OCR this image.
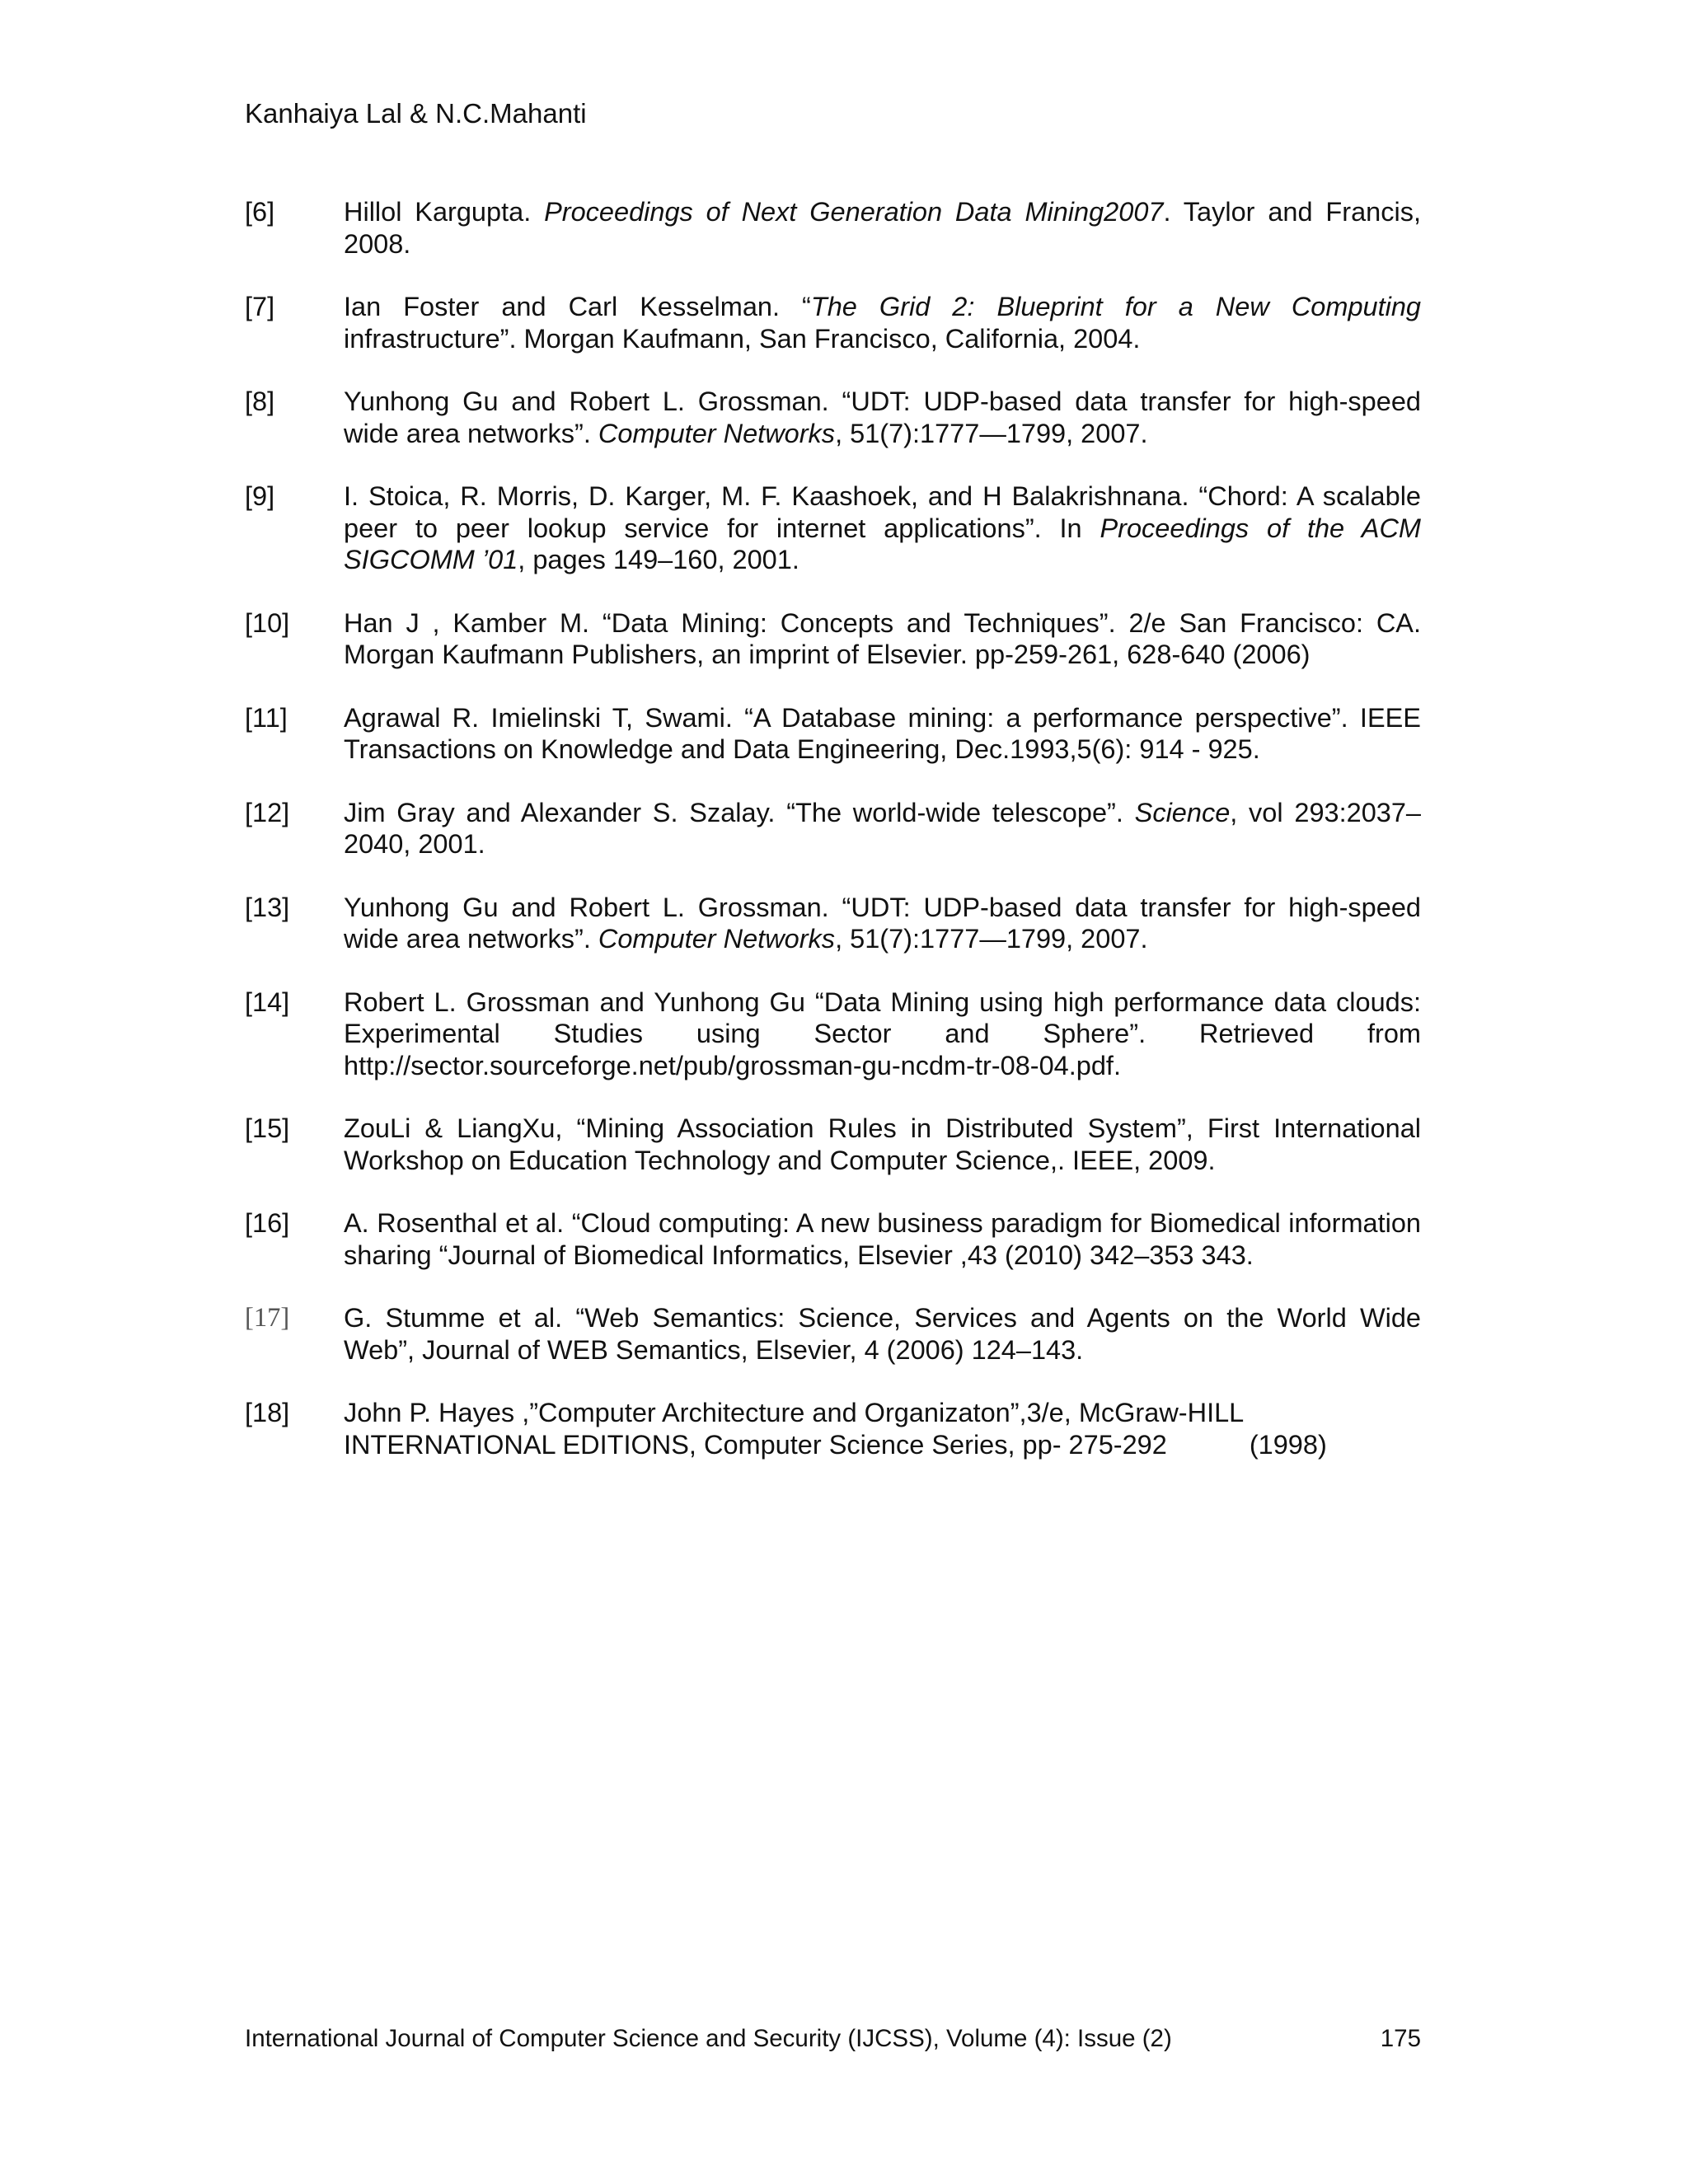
Kanhaiya Lal & N.C.Mahanti
[6]	Hillol Kargupta. Proceedings of Next Generation Data Mining2007. Taylor and Francis, 2008.
[7]	Ian Foster and Carl Kesselman. “The Grid 2: Blueprint for a New Computing infrastructure”. Morgan Kaufmann, San Francisco, California, 2004.
[8]	Yunhong Gu and Robert L. Grossman. “UDT: UDP-based data transfer for high-speed wide area networks”. Computer Networks, 51(7):1777—1799, 2007.
[9]	I. Stoica, R. Morris, D. Karger, M. F. Kaashoek, and H Balakrishnana. “Chord: A scalable peer to peer lookup service for internet applications”. In Proceedings of the ACM SIGCOMM ’01, pages 149–160, 2001.
[10] Han J , Kamber M. “Data Mining: Concepts and Techniques”. 2/e San Francisco: CA. Morgan Kaufmann Publishers, an imprint of Elsevier. pp-259-261, 628-640 (2006)
[11] Agrawal R. Imielinski T, Swami. “A Database mining: a performance perspective”. IEEE Transactions on Knowledge and Data Engineering, Dec.1993,5(6): 914 - 925.
[12] Jim Gray and Alexander S. Szalay. “The world-wide telescope”. Science, vol 293:2037–2040, 2001.
[13] Yunhong Gu and Robert L. Grossman. “UDT: UDP-based data transfer for high-speed wide area networks”. Computer Networks, 51(7):1777—1799, 2007.
[14] Robert L. Grossman and Yunhong Gu “Data Mining using high performance data clouds: Experimental Studies using Sector and Sphere”. Retrieved from http://sector.sourceforge.net/pub/grossman-gu-ncdm-tr-08-04.pdf.
[15] ZouLi & LiangXu, “Mining Association Rules in Distributed System”, First International Workshop on Education Technology and Computer Science,. IEEE, 2009.
[16] A. Rosenthal et al. “Cloud computing: A new business paradigm for Biomedical information sharing “Journal of Biomedical Informatics, Elsevier ,43 (2010) 342–353 343.
[17] G. Stumme et al. “Web Semantics: Science, Services and Agents on the World Wide Web”, Journal of WEB Semantics, Elsevier, 4 (2006) 124–143.
[18] John P. Hayes ,”Computer Architecture and Organizaton”,3/e, McGraw-HILL INTERNATIONAL EDITIONS, Computer Science Series, pp- 275-292	(1998)
International Journal of Computer Science and Security (IJCSS), Volume (4): Issue (2)	175
